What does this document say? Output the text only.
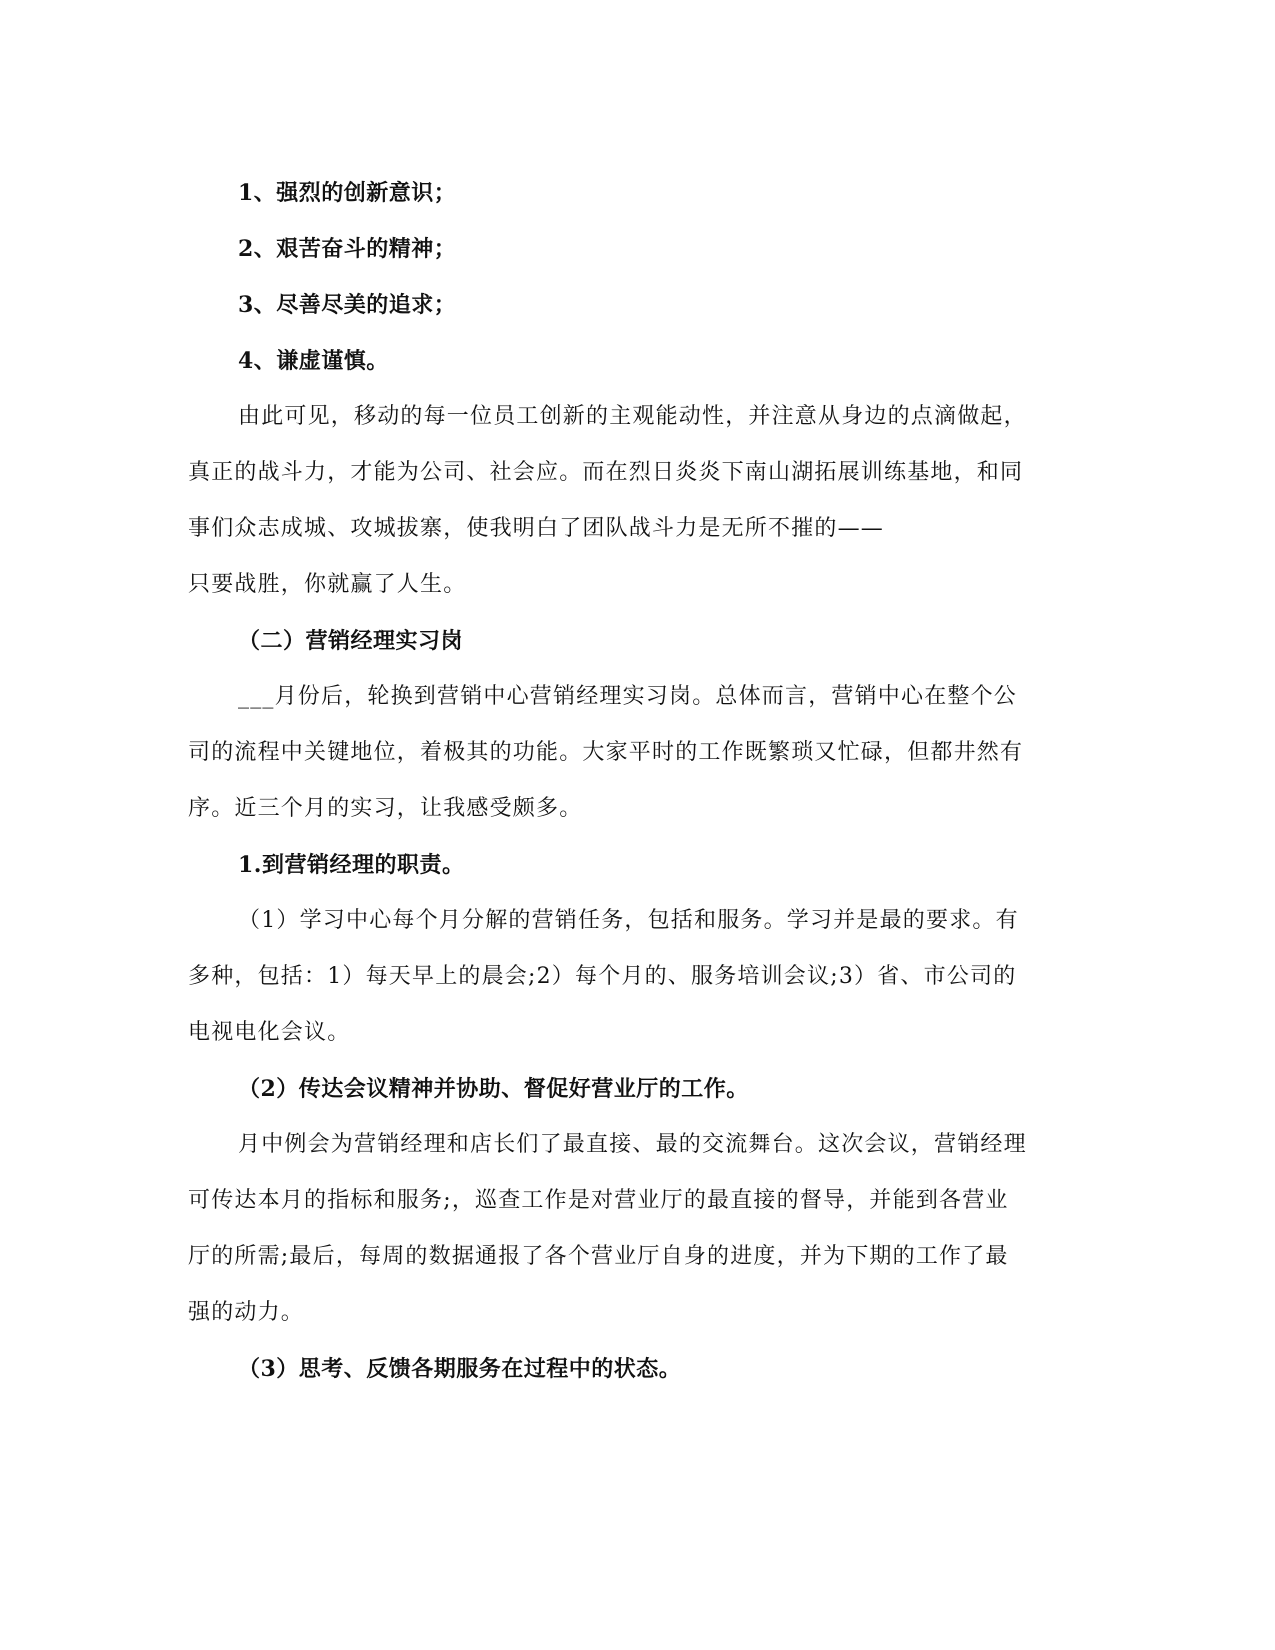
1、强烈的创新意识；
2、艰苦奋斗的精神；
3、尽善尽美的追求；
4、谦虚谨慎。
由此可见，移动的每一位员工创新的主观能动性，并注意从身边的点滴做起，
真正的战斗力，才能为公司、社会应。而在烈日炎炎下南山湖拓展训练基地，和同
事们众志成城、攻城拔寨，使我明白了团队战斗力是无所不摧的——
只要战胜，你就赢了人生。
（二）营销经理实习岗
___月份后，轮换到营销中心营销经理实习岗。总体而言，营销中心在整个公
司的流程中关键地位，着极其的功能。大家平时的工作既繁琐又忙碌，但都井然有
序。近三个月的实习，让我感受颇多。
1.到营销经理的职责。
（1）学习中心每个月分解的营销任务，包括和服务。学习并是最的要求。有
多种，包括：1）每天早上的晨会;2）每个月的、服务培训会议;3）省、市公司的
电视电化会议。
（2）传达会议精神并协助、督促好营业厅的工作。
月中例会为营销经理和店长们了最直接、最的交流舞台。这次会议，营销经理
可传达本月的指标和服务;，巡查工作是对营业厅的最直接的督导，并能到各营业
厅的所需;最后，每周的数据通报了各个营业厅自身的进度，并为下期的工作了最
强的动力。
（3）思考、反馈各期服务在过程中的状态。
